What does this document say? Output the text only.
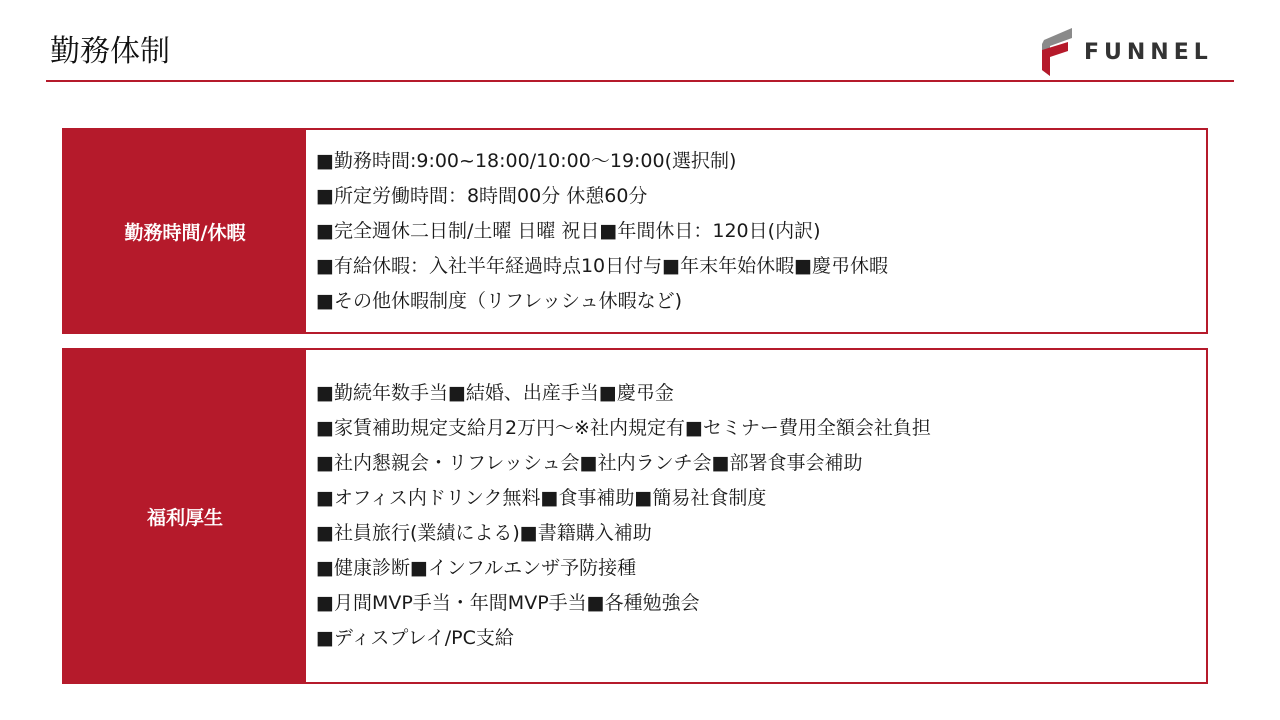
勤務体制	FUNNEL
勤務時間/休暇
■勤務時間:9:00~18:00/10:00〜19:00(選択制)
■所定労働時間：8時間00分 休憩60分
■完全週休二日制/土曜 日曜 祝日■年間休日：120日(内訳)
■有給休暇：入社半年経過時点10日付与■年末年始休暇■慶弔休暇
■その他休暇制度（リフレッシュ休暇など)
福利厚生
■勤続年数手当■結婚、出産手当■慶弔金
■家賃補助規定支給月2万円〜※社内規定有■セミナー費用全額会社負担
■社内懇親会・リフレッシュ会■社内ランチ会■部署食事会補助
■オフィス内ドリンク無料■食事補助■簡易社食制度
■社員旅行(業績による)■書籍購入補助
■健康診断■インフルエンザ予防接種
■月間MVP手当・年間MVP手当■各種勉強会
■ディスプレイ/PC支給
